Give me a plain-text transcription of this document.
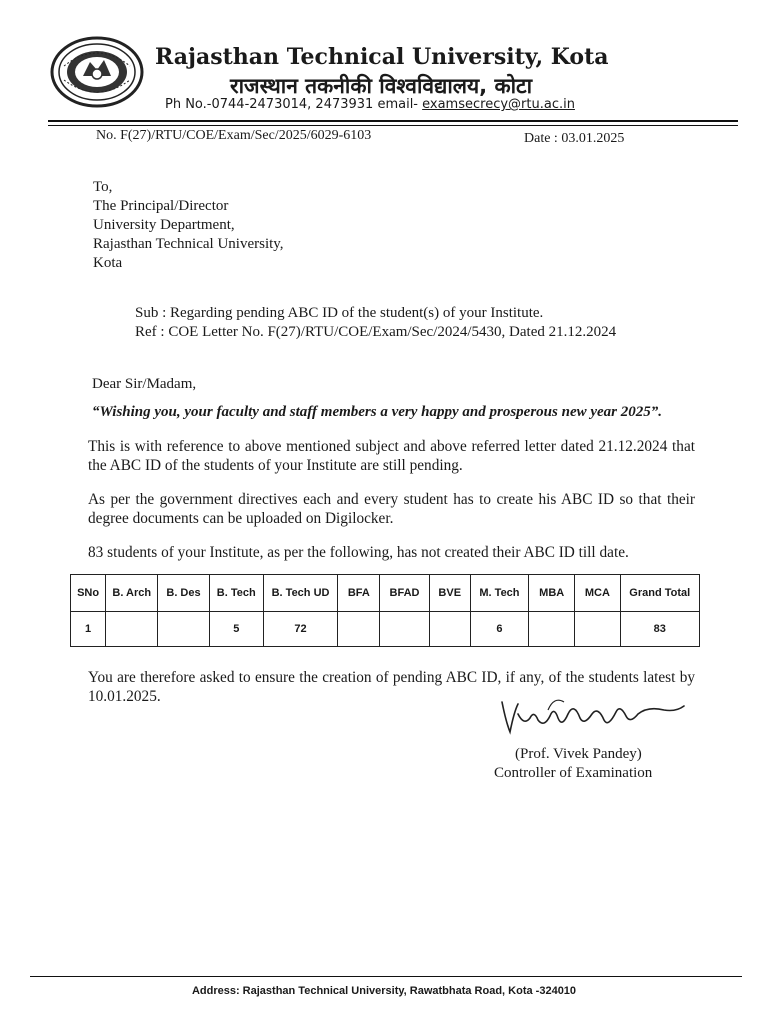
Rajasthan Technical University, Kota
राजस्थान तकनीकी विश्वविद्यालय, कोटा
Ph No.-0744-2473014, 2473931 email- examsecrecy@rtu.ac.in
No. F(27)/RTU/COE/Exam/Sec/2025/6029-6103	Date : 03.01.2025
To,
The Principal/Director
University Department,
Rajasthan Technical University,
Kota
Sub : Regarding pending ABC ID of the student(s) of your Institute.
Ref : COE Letter No. F(27)/RTU/COE/Exam/Sec/2024/5430, Dated 21.12.2024
Dear Sir/Madam,
“Wishing you, your faculty and staff members a very happy and prosperous new year 2025”.
This is with reference to above mentioned subject and above referred letter dated 21.12.2024 that the ABC ID of the students of your Institute are still pending.
As per the government directives each and every student has to create his ABC ID so that their degree documents can be uploaded on Digilocker.
83 students of your Institute, as per the following, has not created their ABC ID till date.
SNo	B. Arch	B. Des	B. Tech	B. Tech UD	BFA	BFAD	BVE	M. Tech	MBA	MCA	Grand Total
1			5	72				6			83
You are therefore asked to ensure the creation of pending ABC ID, if any, of the students latest by 10.01.2025.
(Prof. Vivek Pandey)
Controller of Examination
Address: Rajasthan Technical University, Rawatbhata Road, Kota -324010
